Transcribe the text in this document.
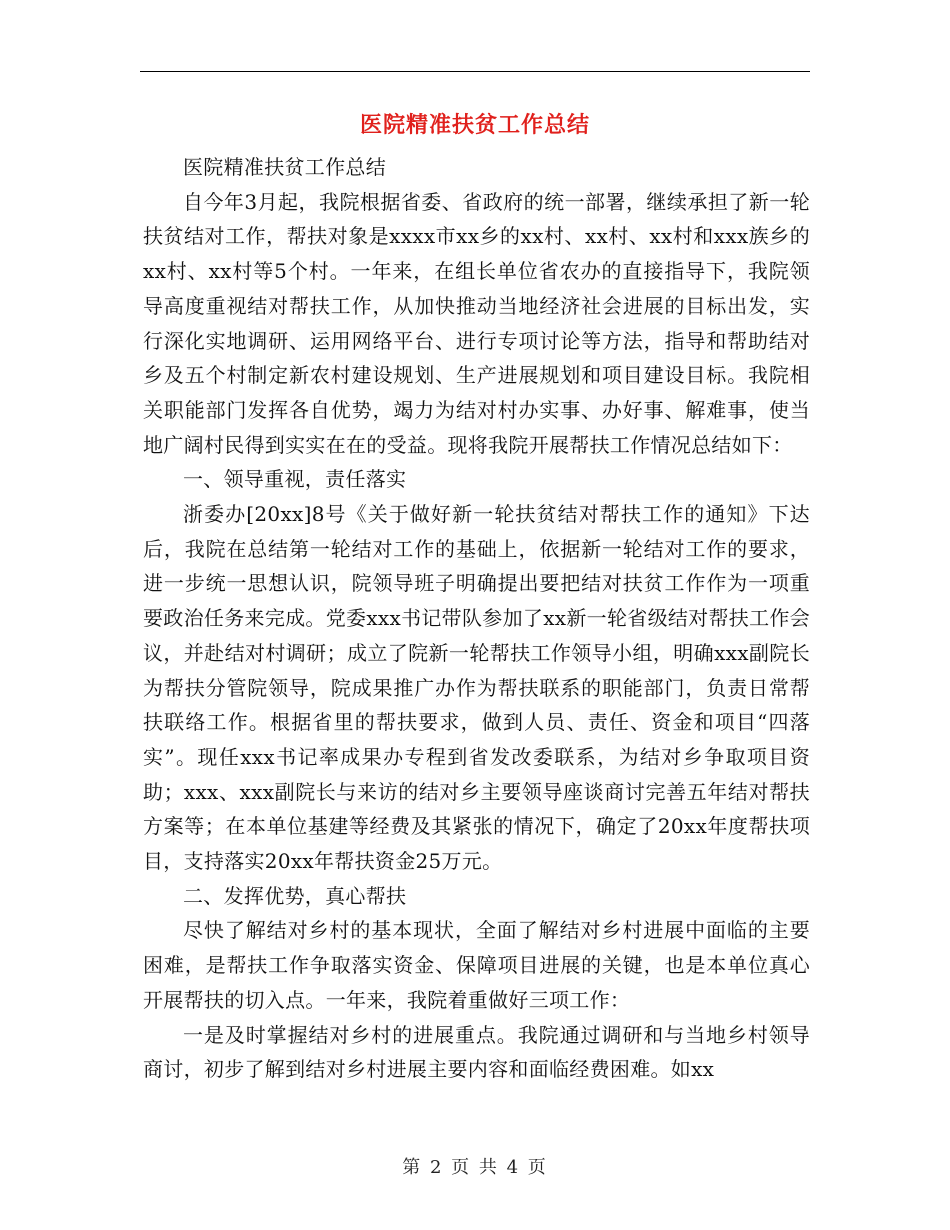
医院精准扶贫工作总结

医院精准扶贫工作总结

自今年3月起，我院根据省委、省政府的统一部署，继续承担了新一轮扶贫结对工作，帮扶对象是xxxx市xx乡的xx村、xx村、xx村和xxx族乡的xx村、xx村等5个村。一年来，在组长单位省农办的直接指导下，我院领导高度重视结对帮扶工作，从加快推动当地经济社会进展的目标出发，实行深化实地调研、运用网络平台、进行专项讨论等方法，指导和帮助结对乡及五个村制定新农村建设规划、生产进展规划和项目建设目标。我院相关职能部门发挥各自优势，竭力为结对村办实事、办好事、解难事，使当地广阔村民得到实实在在的受益。现将我院开展帮扶工作情况总结如下：

一、领导重视，责任落实

浙委办[20xx]8号《关于做好新一轮扶贫结对帮扶工作的通知》下达后，我院在总结第一轮结对工作的基础上，依据新一轮结对工作的要求，进一步统一思想认识，院领导班子明确提出要把结对扶贫工作作为一项重要政治任务来完成。党委xxx书记带队参加了xx新一轮省级结对帮扶工作会议，并赴结对村调研；成立了院新一轮帮扶工作领导小组，明确xxx副院长为帮扶分管院领导，院成果推广办作为帮扶联系的职能部门，负责日常帮扶联络工作。根据省里的帮扶要求，做到人员、责任、资金和项目“四落实”。现任xxx书记率成果办专程到省发改委联系，为结对乡争取项目资助；xxx、xxx副院长与来访的结对乡主要领导座谈商讨完善五年结对帮扶方案等；在本单位基建等经费及其紧张的情况下，确定了20xx年度帮扶项目，支持落实20xx年帮扶资金25万元。

二、发挥优势，真心帮扶

尽快了解结对乡村的基本现状，全面了解结对乡村进展中面临的主要困难，是帮扶工作争取落实资金、保障项目进展的关键，也是本单位真心开展帮扶的切入点。一年来，我院着重做好三项工作：

一是及时掌握结对乡村的进展重点。我院通过调研和与当地乡村领导商讨，初步了解到结对乡村进展主要内容和面临经费困难。如xx

第 2 页 共 4 页
